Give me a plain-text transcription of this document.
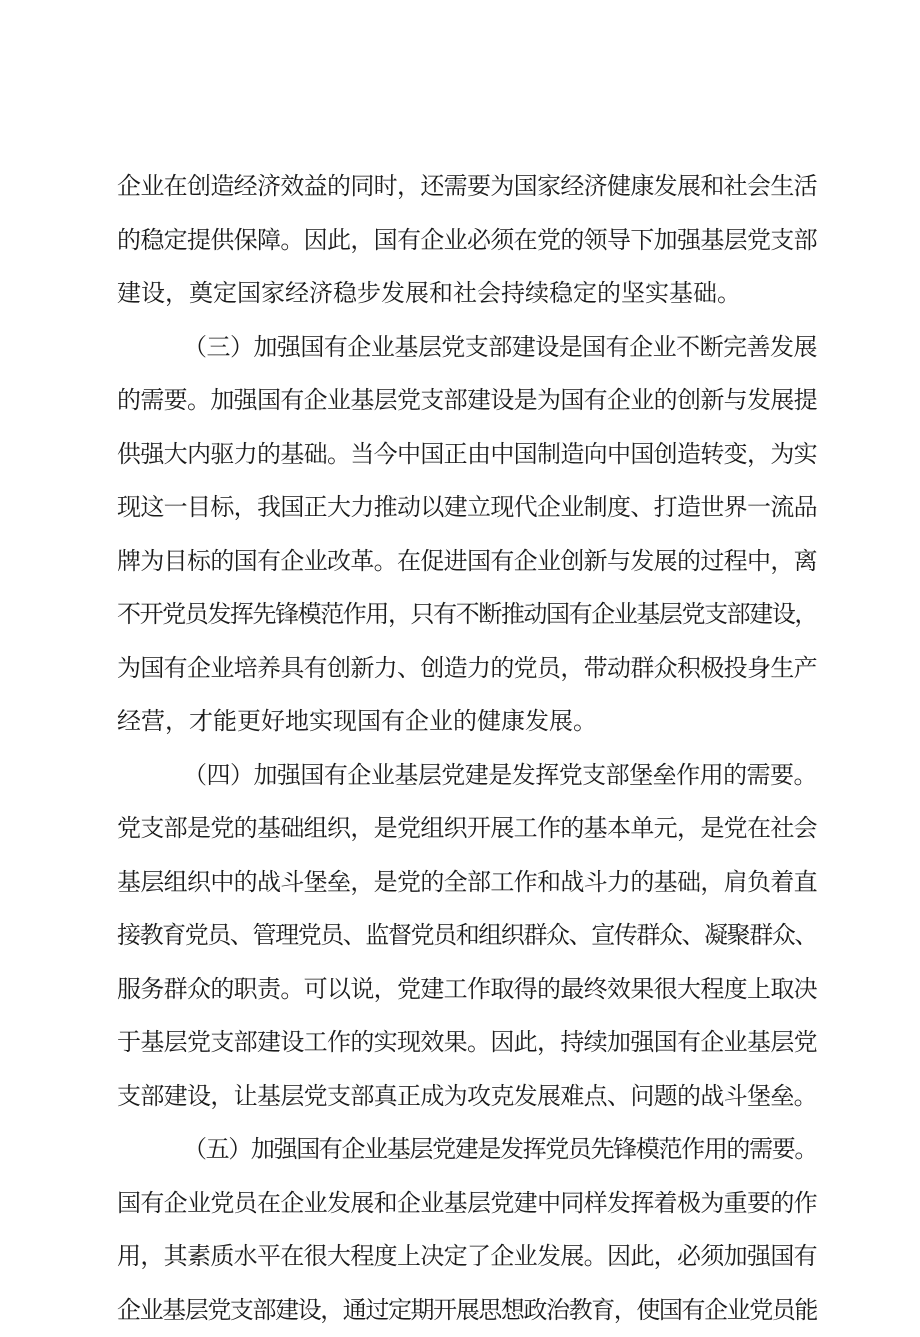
企业在创造经济效益的同时，还需要为国家经济健康发展和社会生活
的稳定提供保障。因此，国有企业必须在党的领导下加强基层党支部
建设，奠定国家经济稳步发展和社会持续稳定的坚实基础。
（三）加强国有企业基层党支部建设是国有企业不断完善发展
的需要。加强国有企业基层党支部建设是为国有企业的创新与发展提
供强大内驱力的基础。当今中国正由中国制造向中国创造转变，为实
现这一目标，我国正大力推动以建立现代企业制度、打造世界一流品
牌为目标的国有企业改革。在促进国有企业创新与发展的过程中，离
不开党员发挥先锋模范作用，只有不断推动国有企业基层党支部建设，
为国有企业培养具有创新力、创造力的党员，带动群众积极投身生产
经营，才能更好地实现国有企业的健康发展。
（四）加强国有企业基层党建是发挥党支部堡垒作用的需要。
党支部是党的基础组织，是党组织开展工作的基本单元，是党在社会
基层组织中的战斗堡垒，是党的全部工作和战斗力的基础，肩负着直
接教育党员、管理党员、监督党员和组织群众、宣传群众、凝聚群众、
服务群众的职责。可以说，党建工作取得的最终效果很大程度上取决
于基层党支部建设工作的实现效果。因此，持续加强国有企业基层党
支部建设，让基层党支部真正成为攻克发展难点、问题的战斗堡垒。
（五）加强国有企业基层党建是发挥党员先锋模范作用的需要。
国有企业党员在企业发展和企业基层党建中同样发挥着极为重要的作
用，其素质水平在很大程度上决定了企业发展。因此，必须加强国有
企业基层党支部建设，通过定期开展思想政治教育，使国有企业党员能
